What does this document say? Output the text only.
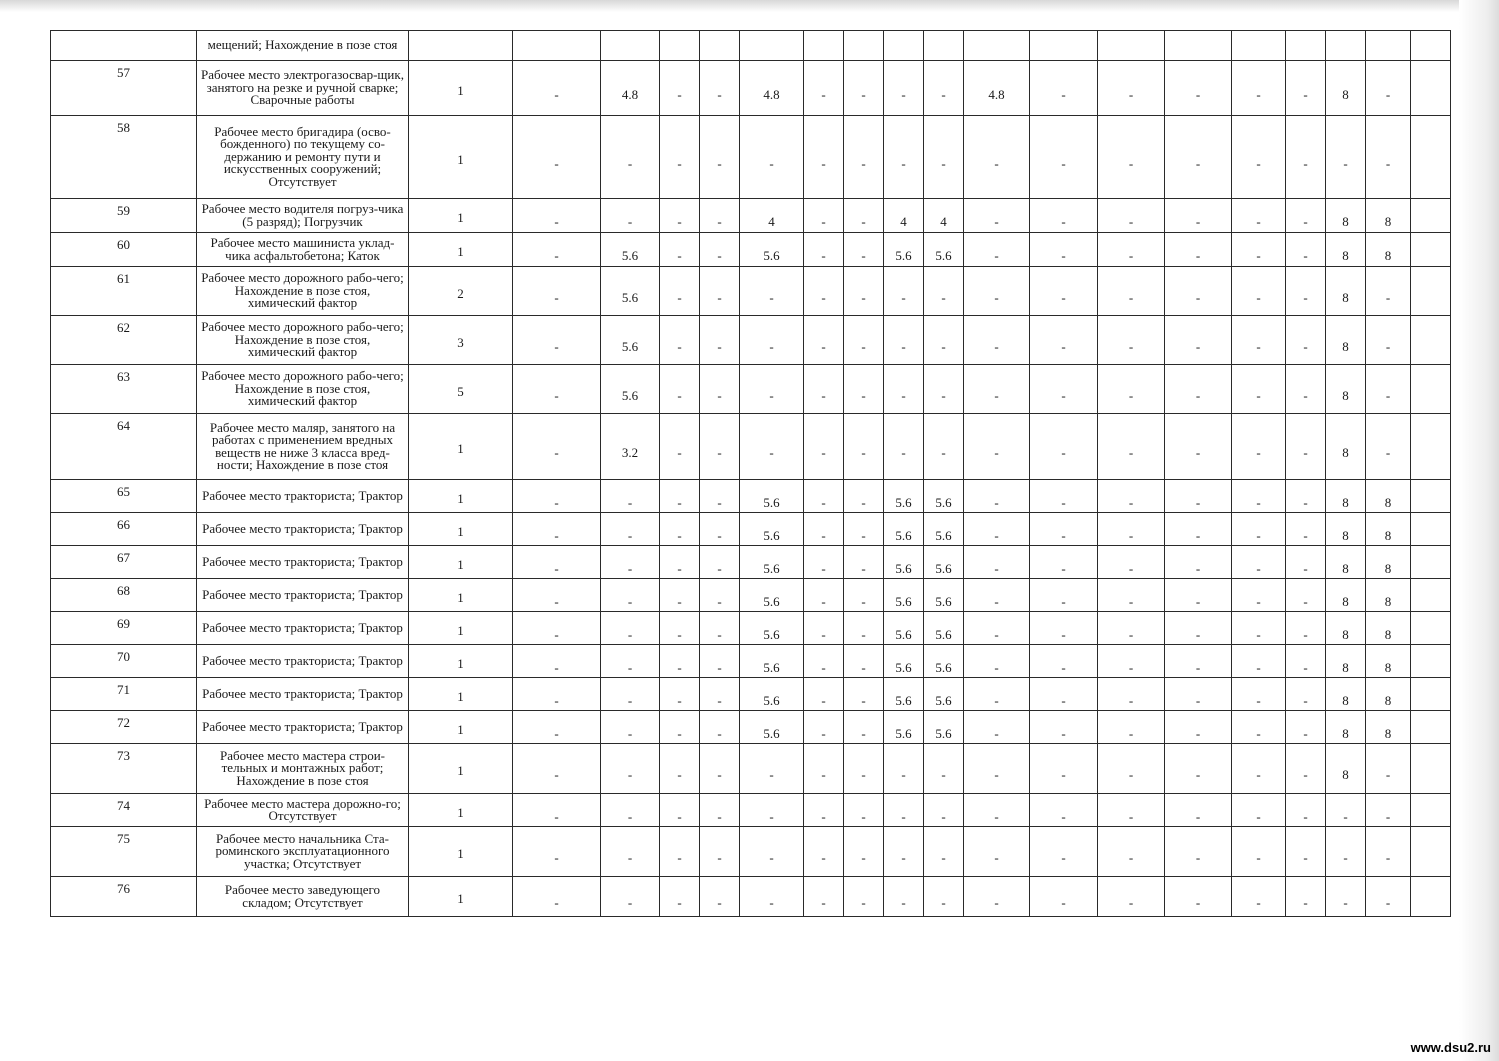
	мещений; Нахождение в позе стоя																				
57	Рабочее место электрогазосвар-щик, занятого на резке и ручной сварке; Сварочные работы	1	-	4.8	-	-	4.8	-	-	-	-	4.8	-	-	-	-	-	8	-		
58	Рабочее место бригадира (осво-божденного) по текущему со-держанию и ремонту пути и искусственных сооружений; Отсутствует	1	-	-	-	-	-	-	-	-	-	-	-	-	-	-	-	-	-		
59	Рабочее место водителя погруз-чика (5 разряд); Погрузчик	1	-	-	-	-	4	-	-	4	4	-	-	-	-	-	-	8	8		
60	Рабочее место машиниста уклад-чика асфальтобетона; Каток	1	-	5.6	-	-	5.6	-	-	5.6	5.6	-	-	-	-	-	-	8	8		
61	Рабочее место дорожного рабо-чего; Нахождение в позе стоя, химический фактор	2	-	5.6	-	-	-	-	-	-	-	-	-	-	-	-	-	8	-		
62	Рабочее место дорожного рабо-чего; Нахождение в позе стоя, химический фактор	3	-	5.6	-	-	-	-	-	-	-	-	-	-	-	-	-	8	-		
63	Рабочее место дорожного рабо-чего; Нахождение в позе стоя, химический фактор	5	-	5.6	-	-	-	-	-	-	-	-	-	-	-	-	-	8	-		
64	Рабочее место маляр, занятого на работах с применением вредных веществ не ниже 3 класса вред-ности; Нахождение в позе стоя	1	-	3.2	-	-	-	-	-	-	-	-	-	-	-	-	-	8	-		
65	Рабочее место тракториста; Трактор	1	-	-	-	-	5.6	-	-	5.6	5.6	-	-	-	-	-	-	8	8		
66	Рабочее место тракториста; Трактор	1	-	-	-	-	5.6	-	-	5.6	5.6	-	-	-	-	-	-	8	8		
67	Рабочее место тракториста; Трактор	1	-	-	-	-	5.6	-	-	5.6	5.6	-	-	-	-	-	-	8	8		
68	Рабочее место тракториста; Трактор	1	-	-	-	-	5.6	-	-	5.6	5.6	-	-	-	-	-	-	8	8		
69	Рабочее место тракториста; Трактор	1	-	-	-	-	5.6	-	-	5.6	5.6	-	-	-	-	-	-	8	8		
70	Рабочее место тракториста; Трактор	1	-	-	-	-	5.6	-	-	5.6	5.6	-	-	-	-	-	-	8	8		
71	Рабочее место тракториста; Трактор	1	-	-	-	-	5.6	-	-	5.6	5.6	-	-	-	-	-	-	8	8		
72	Рабочее место тракториста; Трактор	1	-	-	-	-	5.6	-	-	5.6	5.6	-	-	-	-	-	-	8	8		
73	Рабочее место мастера строи-тельных и монтажных работ; Нахождение в позе стоя	1	-	-	-	-	-	-	-	-	-	-	-	-	-	-	-	8	-		
74	Рабочее место мастера дорожно-го; Отсутствует	1	-	-	-	-	-	-	-	-	-	-	-	-	-	-	-	-	-		
75	Рабочее место начальника Ста-роминского эксплуатационного участка; Отсутствует	1	-	-	-	-	-	-	-	-	-	-	-	-	-	-	-	-	-		
76	Рабочее место заведующего складом; Отсутствует	1	-	-	-	-	-	-	-	-	-	-	-	-	-	-	-	-	-		
www.dsu2.ru
